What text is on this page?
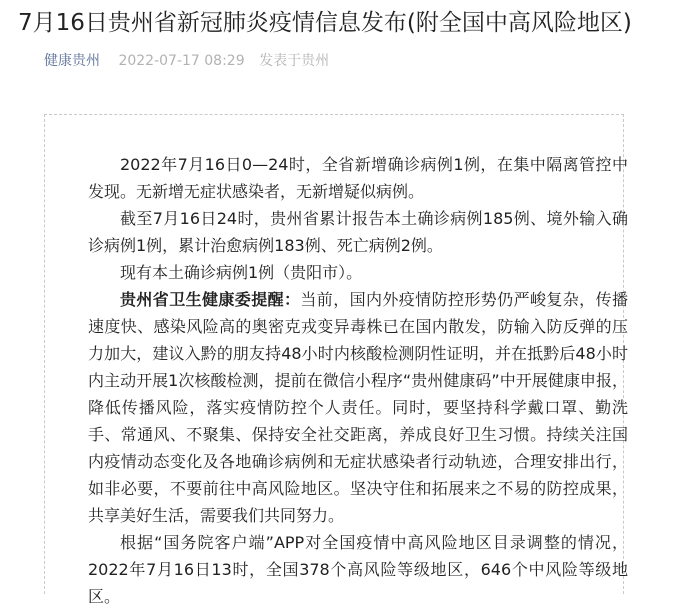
7月16日贵州省新冠肺炎疫情信息发布(附全国中高风险地区)
健康贵州 2022-07-17 08:29 发表于贵州

2022年7月16日0—24时，全省新增确诊病例1例，在集中隔离管控中发现。无新增无症状感染者，无新增疑似病例。

截至7月16日24时，贵州省累计报告本土确诊病例185例、境外输入确诊病例1例，累计治愈病例183例、死亡病例2例。

现有本土确诊病例1例（贵阳市）。

贵州省卫生健康委提醒：当前，国内外疫情防控形势仍严峻复杂，传播速度快、感染风险高的奥密克戎变异毒株已在国内散发，防输入防反弹的压力加大，建议入黔的朋友持48小时内核酸检测阴性证明，并在抵黔后48小时内主动开展1次核酸检测，提前在微信小程序“贵州健康码”中开展健康申报，降低传播风险，落实疫情防控个人责任。同时，要坚持科学戴口罩、勤洗手、常通风、不聚集、保持安全社交距离，养成良好卫生习惯。持续关注国内疫情动态变化及各地确诊病例和无症状感染者行动轨迹，合理安排出行，如非必要，不要前往中高风险地区。坚决守住和拓展来之不易的防控成果，共享美好生活，需要我们共同努力。

根据“国务院客户端”APP对全国疫情中高风险地区目录调整的情况，2022年7月16日13时，全国378个高风险等级地区，646个中风险等级地区。
